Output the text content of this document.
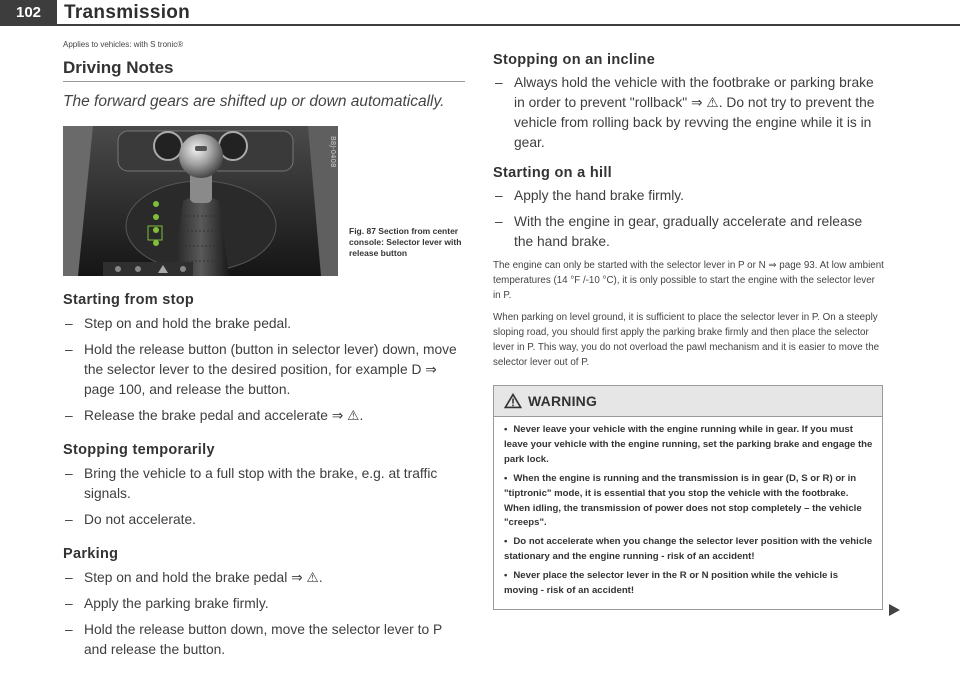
102	Transmission
Applies to vehicles: with S tronic®
Driving Notes
The forward gears are shifted up or down automatically.
B8J-0408
Fig. 87 Section from center console: Selector lever with release button
Starting from stop
– Step on and hold the brake pedal.
– Hold the release button (button in selector lever) down, move the selector lever to the desired position, for example D ⇒ page 100, and release the button.
– Release the brake pedal and accelerate ⇒ ⚠.
Stopping temporarily
– Bring the vehicle to a full stop with the brake, e.g. at traffic signals.
– Do not accelerate.
Parking
– Step on and hold the brake pedal ⇒ ⚠.
– Apply the parking brake firmly.
– Hold the release button down, move the selector lever to P and release the button.
Stopping on an incline
– Always hold the vehicle with the footbrake or parking brake in order to prevent "rollback" ⇒ ⚠. Do not try to prevent the vehicle from rolling back by revving the engine while it is in gear.
Starting on a hill
– Apply the hand brake firmly.
– With the engine in gear, gradually accelerate and release the hand brake.
The engine can only be started with the selector lever in P or N ⇒ page 93. At low ambient temperatures (14 °F /-10 °C), it is only possible to start the engine with the selector lever in P.
When parking on level ground, it is sufficient to place the selector lever in P. On a steeply sloping road, you should first apply the parking brake firmly and then place the selector lever in P. This way, you do not overload the pawl mechanism and it is easier to move the selector lever out of P.
WARNING

• Never leave your vehicle with the engine running while in gear. If you must leave your vehicle with the engine running, set the parking brake and engage the park lock.

• When the engine is running and the transmission is in gear (D, S or R) or in "tiptronic" mode, it is essential that you stop the vehicle with the footbrake. When idling, the transmission of power does not stop completely – the vehicle "creeps".

• Do not accelerate when you change the selector lever position with the vehicle stationary and the engine running - risk of an accident!

• Never place the selector lever in the R or N position while the vehicle is moving - risk of an accident!
